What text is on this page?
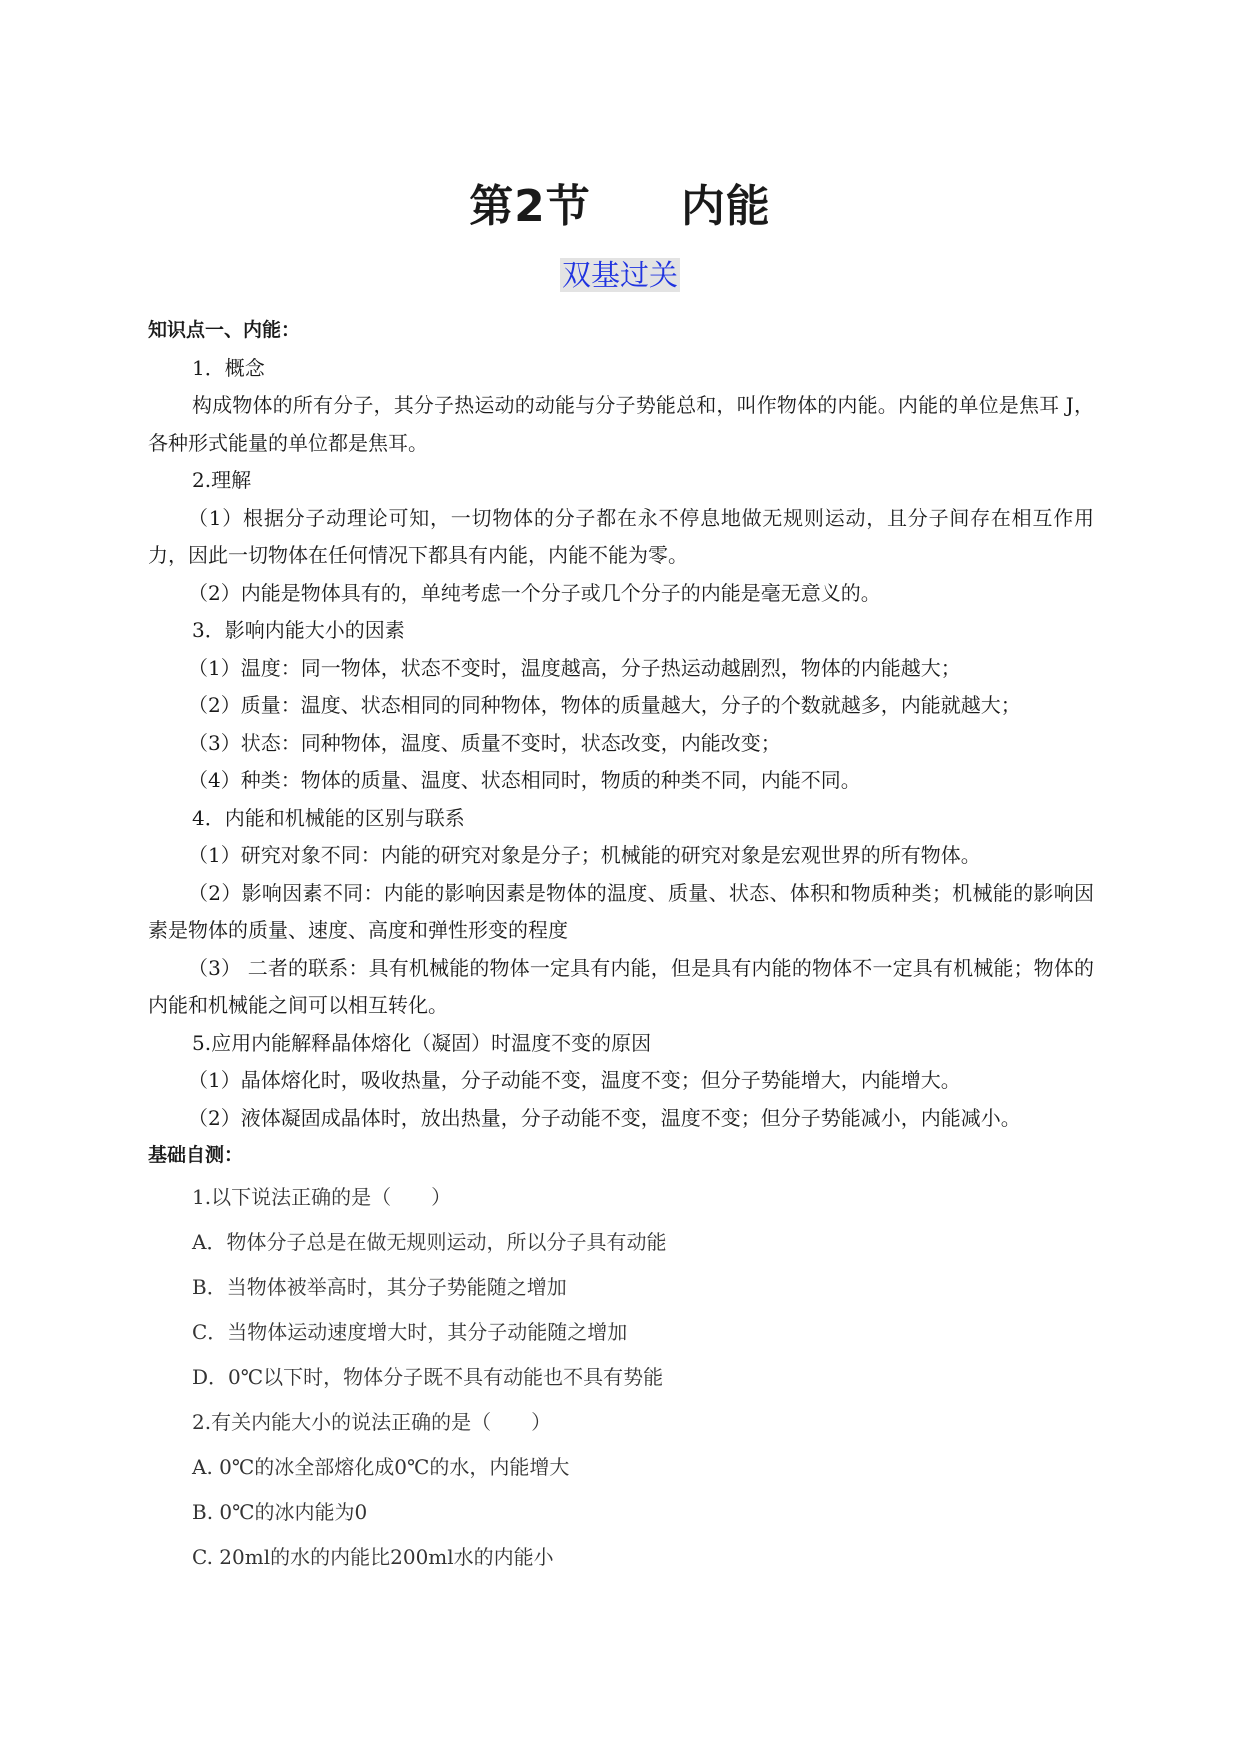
第2节 内能
双基过关

知识点一、内能：

1．概念

构成物体的所有分子，其分子热运动的动能与分子势能总和，叫作物体的内能。内能的单位是焦耳 J，各种形式能量的单位都是焦耳。

2.理解

（1）根据分子动理论可知，一切物体的分子都在永不停息地做无规则运动，且分子间存在相互作用力，因此一切物体在任何情况下都具有内能，内能不能为零。

（2）内能是物体具有的，单纯考虑一个分子或几个分子的内能是毫无意义的。

3．影响内能大小的因素

（1）温度：同一物体，状态不变时，温度越高，分子热运动越剧烈，物体的内能越大；

（2）质量：温度、状态相同的同种物体，物体的质量越大，分子的个数就越多，内能就越大；

（3）状态：同种物体，温度、质量不变时，状态改变，内能改变；

（4）种类：物体的质量、温度、状态相同时，物质的种类不同，内能不同。

4．内能和机械能的区别与联系

（1）研究对象不同：内能的研究对象是分子；机械能的研究对象是宏观世界的所有物体。

（2）影响因素不同：内能的影响因素是物体的温度、质量、状态、体积和物质种类；机械能的影响因素是物体的质量、速度、高度和弹性形变的程度

（3） 二者的联系：具有机械能的物体一定具有内能，但是具有内能的物体不一定具有机械能；物体的内能和机械能之间可以相互转化。

5.应用内能解释晶体熔化（凝固）时温度不变的原因

（1）晶体熔化时，吸收热量，分子动能不变，温度不变；但分子势能增大，内能增大。

（2）液体凝固成晶体时，放出热量，分子动能不变，温度不变；但分子势能减小，内能减小。

基础自测：

1.以下说法正确的是（　　）

A．物体分子总是在做无规则运动，所以分子具有动能

B．当物体被举高时，其分子势能随之增加

C．当物体运动速度增大时，其分子动能随之增加

D．0℃以下时，物体分子既不具有动能也不具有势能

2.有关内能大小的说法正确的是（　　）

A. 0℃的冰全部熔化成0℃的水，内能增大

B. 0℃的冰内能为0

C. 20ml的水的内能比200ml水的内能小
